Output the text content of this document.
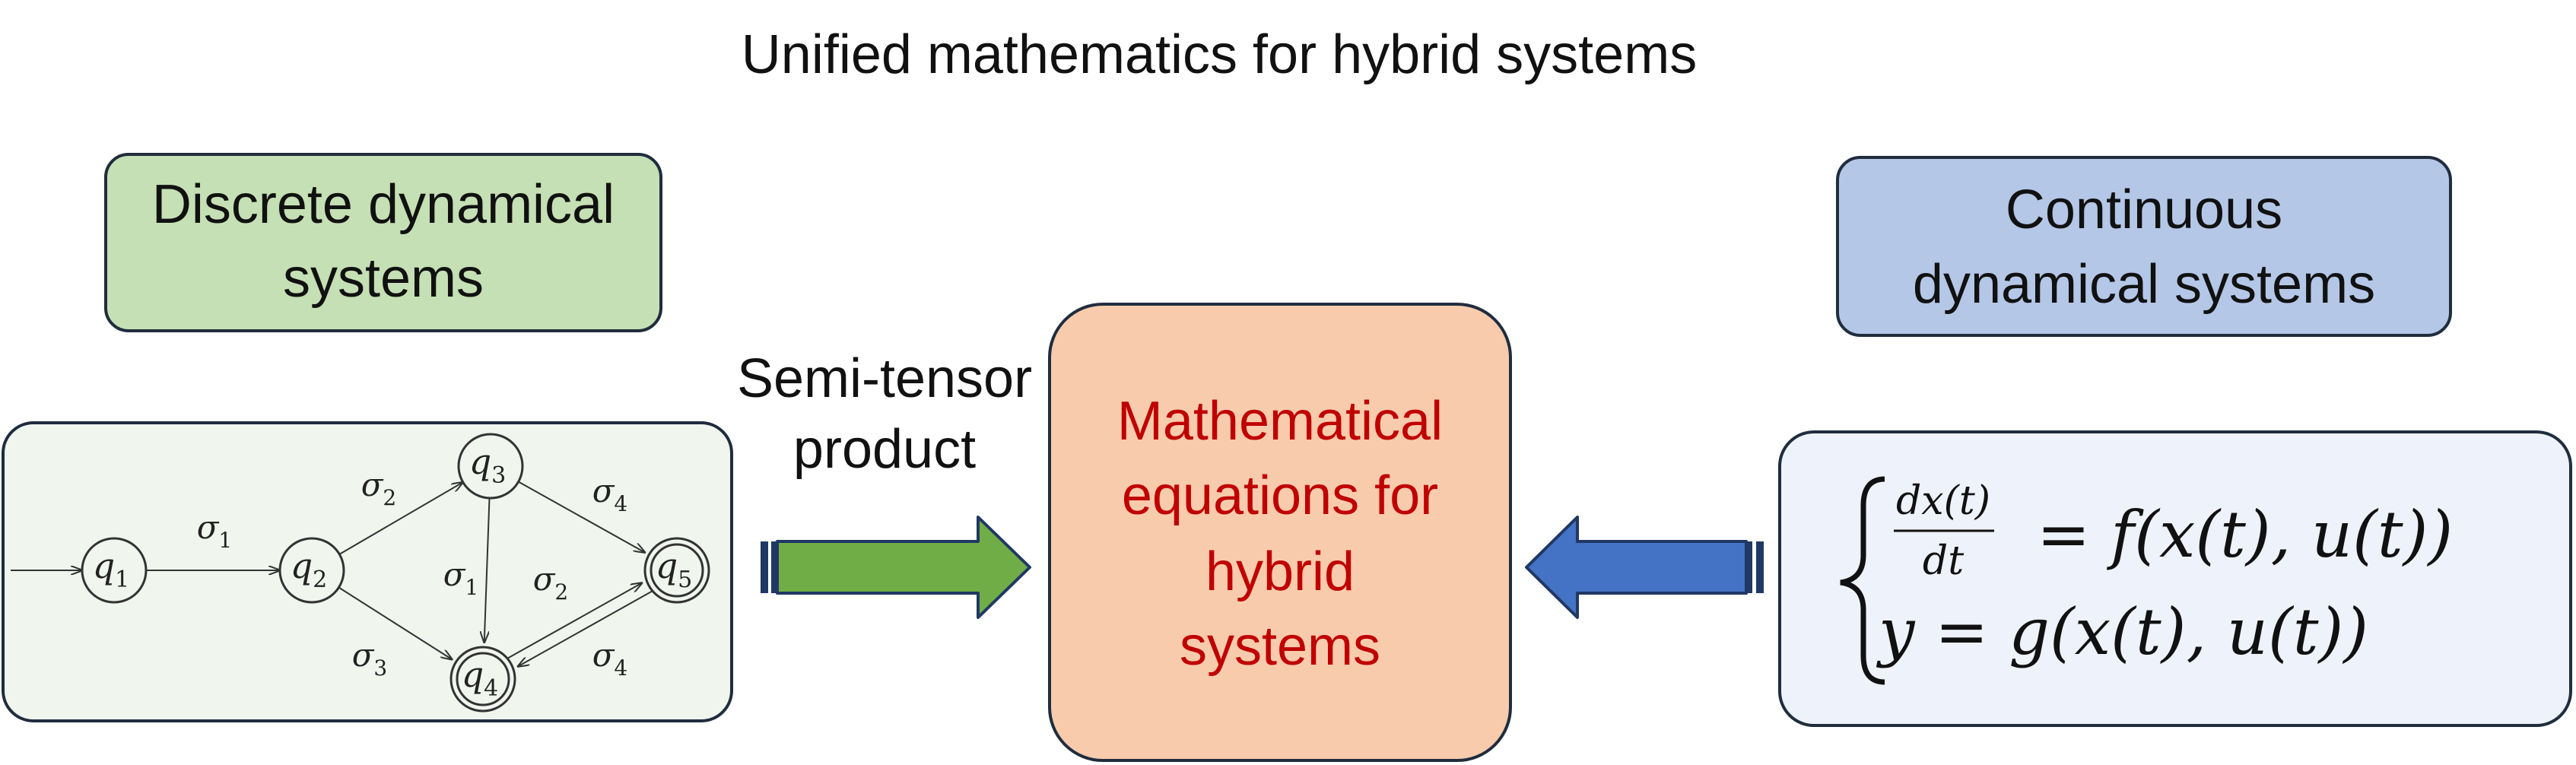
Unified mathematics for hybrid systems
Discrete dynamical
systems
Continuous
dynamical systems
$\sigma_1$
$\sigma_2$
$\sigma_3$
$\sigma_1$
$\sigma_4$
$\sigma_2$
$\sigma_4$
$q_1$	$q_2$
$q_3$
$q_4$
$q_5$
Semi-tensor
product	Mathematical
equations for
hybrid
systems
dx(t)
dt = f(x(t), u(t))
y = g(x(t), u(t))
